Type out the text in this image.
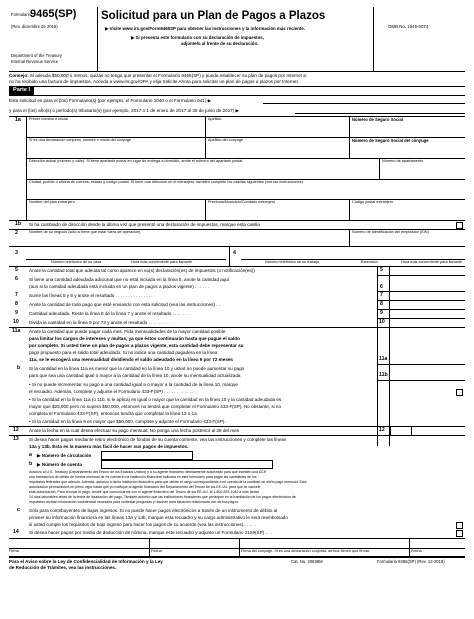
Formulario
9465(SP)
(Rev. diciembre de 2018)
Department of the Treasury
Internal Revenue Service
Solicitud para un Plan de Pagos a Plazos
▶ Visite www.irs.gov/Form9465SP para obtener las instrucciones y la información más reciente.
▶ Si presenta este formulario con su declaración de impuestos,
adjúntelo al frente de su declaración.
OMB No. 1545-0074
Consejo: Si adeuda $50,000 o menos, quizás no tenga que presentar el Formulario 9465(SP) y pueda establecer su plan de pagos por Internet si
no ha recibido una factura de impuestos. Acceda a www.irs.gov/OPA y elija Solicite Ahora para solicitar un plan de pagos a plazos por Internet.
Parte I
Esta solicitud es para el (los) Formulario(s) (por ejemplo, el Formulario 1040 o el Formulario 941) ▶
y para el (los) año(s) o período(s) tributario(s) (por ejemplo, 2017 o 1 de enero de 2017 al 30 de junio de 2017) ▶
1a Primer nombre e inicial	Apellido	Número de Seguro Social
Si es una declaración conjunta, nombre e inicial del cónyuge	Apellido del cónyuge	Número de Seguro Social del cónyuge
Dirección actual (número y calle). Si tiene apartado postal en lugar de entrega a domicilio, anote el número del apartado postal.	Número de apartamento
Ciudad, pueblo u oficina de correos, estado y código postal. Si tiene una dirección en el extranjero, también complete los casillas siguientes (vea las instrucciones).
Nombre del país extranjero	Provincia/Municipio/Condado extranjero	Código postal extranjero
1b Si ha cambiado de dirección desde la última vez que presentó una declaración de impuestos, marque esta casilla
2	Nombre de su negocio (sólo si tiene que estar fuera de operación)	Número de identificación del empleador (EIN)
3	4
Número telefónico de su casa	Hora más conveniente para llamarle	Número telefónico de su trabajo	Extensión	Hora más conveniente para llamarle
5 Anote la cantidad total que adeuda tal como aparece en su(s) declaración(es) de impuestos (o notificación(es))	5
6 Si tiene una cantidad adeudada adicional que no está incluida en la línea 5, anote la cantidad aquí
(aun si la cantidad adeudada está incluida en un plan de pagos a plazos vigente) . . . . . .	6
7 Sume las líneas 5 y 6 y anote el resultado . . . . . . . . . . . . . . .	7
8 Anote la cantidad de todo pago que esté enviando con esta solicitud (vea las instrucciones) . .	8
9 Cantidad adeudada. Reste la línea 8 de la línea 7 y anote el resultado . . . . . . .	9
10 Divida la cantidad en la línea 9 por 72 y anote el resultado . . . . . . . . .	10
11a Anote la cantidad que puede pagar cada mes. Pida mensualidades de la mayor cantidad posible
para limitar los cargos de intereses y multas, ya que éstos continuarán hasta que pague el saldo
por completo. Si usted tiene un plan de pagos a plazos vigente, esta cantidad debe representar su
pago propuesto para el saldo total adeudado. Si no indica una cantidad pagadera en la línea
11a, se le escogerá una mensualidad dividiendo el saldo adeudado en la línea 9 por 72 meses	11a
b Si la cantidad en la línea 11a es menor que la cantidad en la línea 10 y usted no puede aumentar su pago
para que sea una cantidad igual o mayor a la cantidad de la línea 10, anote su mensualidad actualizada	11b
• Si no puede incrementar su pago a una cantidad igual a o mayor a la cantidad de la línea 10, marque
el recuadro. Además, complete y adjunte el Formulario 433-F(SP) . . . . . . . . . . . . .
• Si la cantidad en la línea 11a (o 11b, si le aplica) es igual o mayor que la cantidad en la línea 10 y la cantidad adeudada es
mayor que $25,000 pero no supera $50,000, entonces no tendrá que completar el Formulario 433-F(SP). No obstante, si no
completa el Formulario 433-F(SP), entonces tendrá que completar la línea 13 o 14.
• Si la cantidad en la línea 9 es mayor que $50,000, complete y adjunte el Formulario 433-F(SP).
12 Anote la fecha en la cual desea efectuar su pago mensual. No ponga una fecha posterior al 28 del mes	12
13 Si desea hacer pagos mediante retiro electrónico de fondos de su cuenta corriente, vea las instrucciones y complete las líneas
13a y 13b. Ésta es la manera más fácil de hacer sus pagos de impuestos.
a ▶ Número de circulación
b ▶ Número de cuenta
Autorizo al U.S. Treasury (Departamento del Tesoro de los Estados Unidos) y a su agente financiero debidamente autorizado para que tramiten una ACH
una transacción de débito de fondos mensual de mi cuenta en la institución financiera indicada en este formulario para pagar las cantidades de los
impuestos federales que adeudo. Además, autorizo a dicha institución financiera para que debite el cargo correspondiente a mi cuenta de la cantidad de dicho pago mensual. Esta
autorización permanecerá en pleno vigor hasta que yo notifique al agente financiero del Departamento del Tesoro de los EE.UU. para que se cancele
esta autorización. Para revocar el pago, tendré que comunicarme con el agente financiero del Tesoro de los EE.UU. al 1-800-829-1040 a más tardar
14 días laborables antes de la fecha de liquidación del pago. También autorizo que las instituciones financieras que participan en la tramitación de los pagos electrónicos de
impuestos reciban información confidencial necesaria para contestar preguntas y resolver toda situación relacionada con dichos pagos.
c Sólo para contribuyentes de bajos ingresos. Si no puede hacer pagos electrónicos a través de un instrumento de débito al
proveer su información financiera en las líneas 13a y 13b, marque esta recuadro y su cargo administrativo le será reembolsado
si usted cumple los requisitos de bajo ingreso para hacer los pagos de su acuerdo (vea las instrucciones) . . . . .
14 Si desea hacer pagos por medio de deducción de nómina, marque este recuadro y adjunte un Formulario 2159(SP) . . .
Firma	Fecha	Firma del cónyuge. Si es una declaración conjunta, ambos tienen que firmar.	Fecha
Para el Aviso sobre la Ley de Confidencialidad de Información y la Ley
de Reducción de Trámites, vea las instrucciones.
Cat. No. 20636M	Formulario 9465(SP) (Rev. 12-2018)
